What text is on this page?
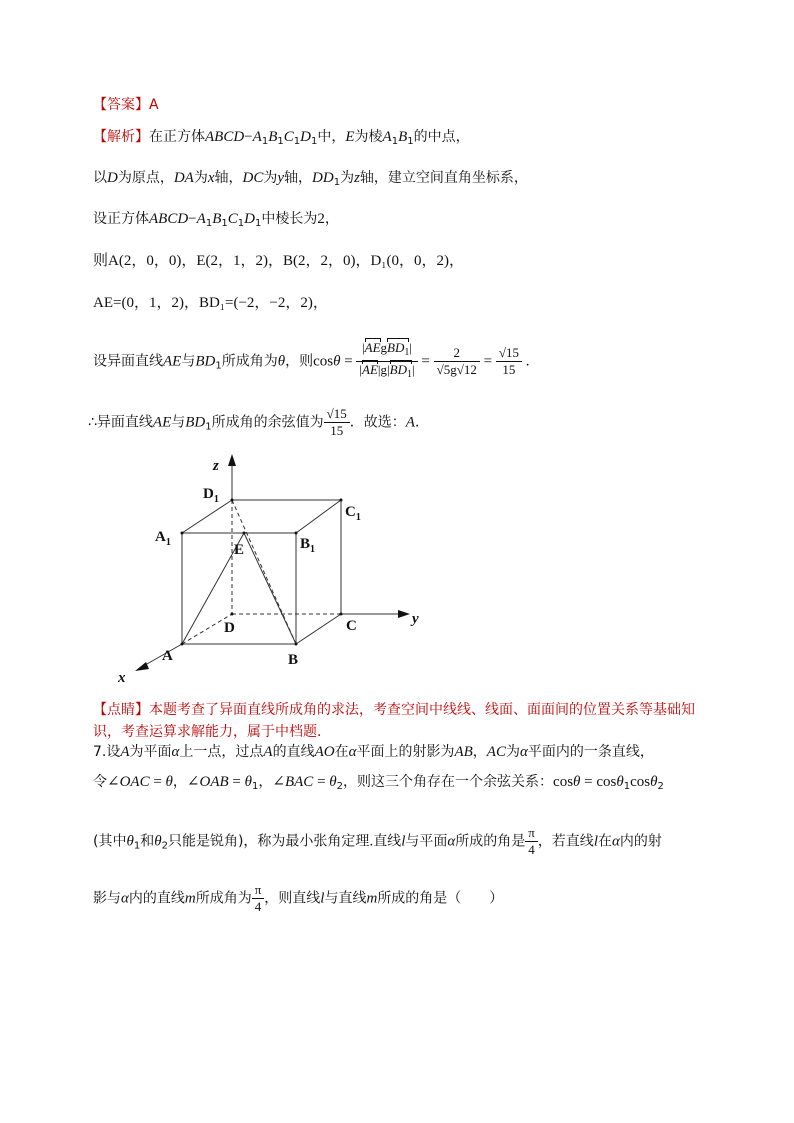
【答案】A
【解析】在正方体$ABCD-A_1B_1C_1D_1$中，E为棱$A_1B_1$的中点，
以D为原点，DA为x轴，DC为y轴，$DD_1$为z轴，建立空间直角坐标系，
设正方体$ABCD-A_1B_1C_1D_1$中棱长为2，
则A(2，0，0)，E(2，1，2)，B(2，2，0)，D₁(0，0，2)，
AE=(0，1，2)，BD₁=(−2，−2，2)，
设异面直线AE与$BD_1$所成角为θ，则$\cos\theta = \frac{|AEgBD_1|}{|AE|g|BD_1|} = \frac{2}{√5g√12} = \frac{√15}{15}$ .
∴异面直线AE与$BD_1$所成角的余弦值为 $\frac{√15}{15}$ ．故选：A．
z
y
x
$D_1$
$C_1$
$A_1$	$B_1$
E
D	C
A	B
【点睛】本题考查了异面直线所成角的求法，考查空间中线线、线面、面面间的位置关系等基础知
识，考查运算求解能力，属于中档题．
7.设A为平面α上一点，过点A的直线AO在α平面上的射影为AB，AC为α平面内的一条直线，
令∠OAC = θ，∠OAB = $\theta_1$，∠BAC = $\theta_2$，则这三个角存在一个余弦关系：cosθ = cosθ$_1$cosθ$_2$
(其中$\theta_1$和$\theta_2$只能是锐角)，称为最小张角定理.直线l与平面α所成的角是 $\frac{\pi}{4}$ ，若直线l在α内的射
影与α内的直线m所成角为 $\frac{\pi}{4}$ ，则直线l与直线m所成的角是（　　）
